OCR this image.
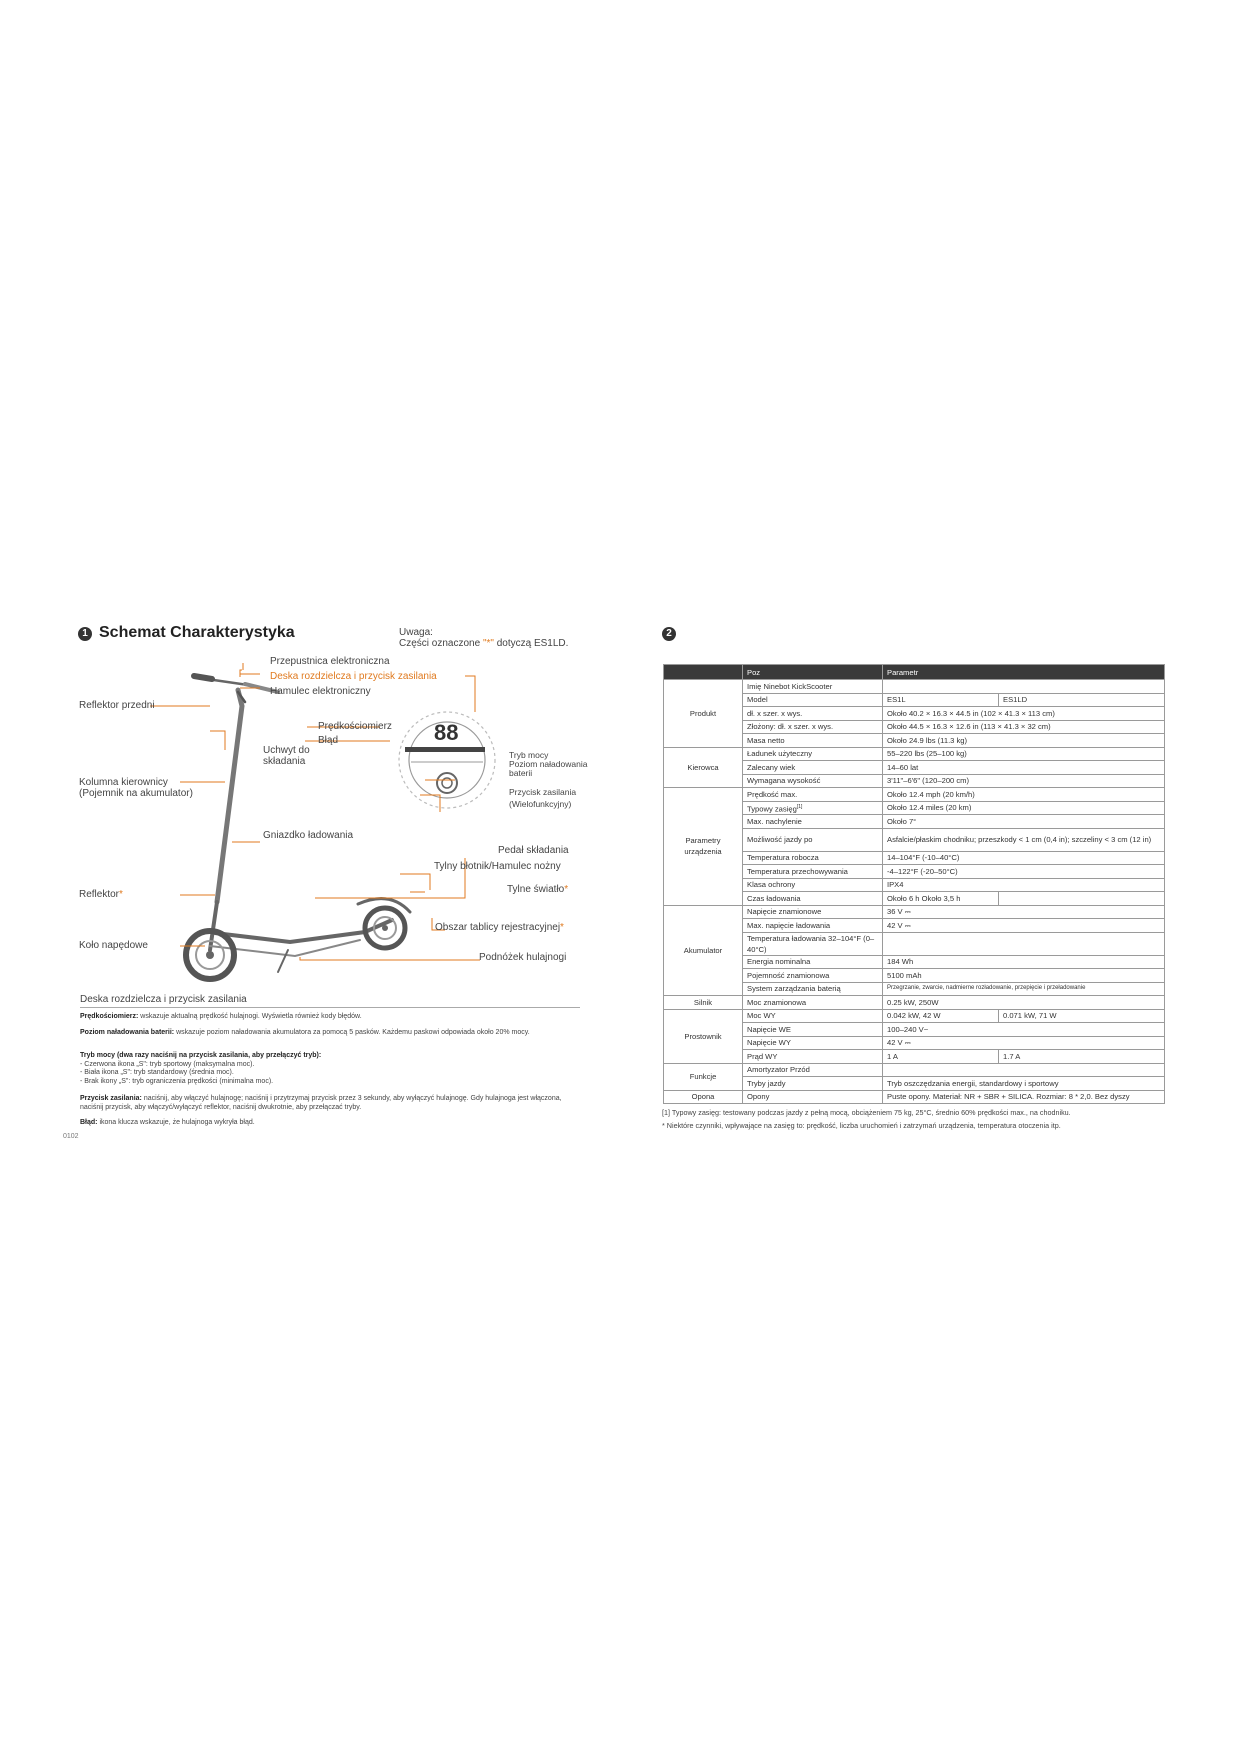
1 Schemat Charakterystyka	Uwaga:
Części oznaczone "*" dotyczą ES1LD.
88
Przepustnica elektroniczna
Deska rozdzielcza i przycisk zasilania
Hamulec elektroniczny
Reflektor przedni
Prędkościomierz
Błąd
Uchwyt do
składania
Tryb mocy
Poziom naładowania
baterii
Przycisk zasilania
(Wielofunkcyjny)
Kolumna kierownicy
(Pojemnik na akumulator)
Gniazdko ładowania
Pedał składania
Tylny błotnik/Hamulec nożny
Reflektor*	Tylne światło*
Obszar tablicy rejestracyjnej*
Koło napędowe
Podnóżek hulajnogi
Deska rozdzielcza i przycisk zasilania
Prędkościomierz: wskazuje aktualną prędkość hulajnogi. Wyświetla również kody błędów.
Poziom naładowania baterii: wskazuje poziom naładowania akumulatora za pomocą 5 pasków. Każdemu paskowi odpowiada około 20% mocy.
Tryb mocy (dwa razy naciśnij na przycisk zasilania, aby przełączyć tryb):
- Czerwona ikona „S": tryb sportowy (maksymalna moc).
- Biała ikona „S": tryb standardowy (średnia moc).
- Brak ikony „S": tryb ograniczenia prędkości (minimalna moc).
Przycisk zasilania: naciśnij, aby włączyć hulajnogę; naciśnij i przytrzymaj przycisk przez 3 sekundy, aby wyłączyć hulajnogę. Gdy hulajnoga jest włączona, naciśnij przycisk, aby włączyć/wyłączyć reflektor, naciśnij dwukrotnie, aby przełączać tryby.
Błąd: ikona klucza wskazuje, że hulajnoga wykryła błąd.
0102
2
	Poz	Parametr	
Produkt	Imię Ninebot KickScooter		
	Model	ES1L	ES1LD
	dł. x szer. x wys.	Około 40.2 × 16.3 × 44.5 in (102 × 41.3 × 113 cm)	
	Złożony: dł. x szer. x wys.	Około 44.5 × 16.3 × 12.6 in (113 × 41.3 × 32 cm)	
	Masa netto	Około 24.9 lbs (11.3 kg)	
Kierowca	Ładunek użyteczny	55–220 lbs (25–100 kg)	
	Zalecany wiek	14–60 lat	
	Wymagana wysokość	3'11"–6'6" (120–200 cm)	
Parametry urządzenia	Prędkość max.	Około 12.4 mph (20 km/h)	
	Typowy zasięg[1]	Około 12.4 miles (20 km)	
	Max. nachylenie	Około 7°	
	Możliwość jazdy po	Asfalcie/płaskim chodniku; przeszkody < 1 cm (0,4 in); szczeliny < 3 cm (12 in)	
	Temperatura robocza	14–104°F (-10–40°C)	
	Temperatura przechowywania	-4–122°F (-20–50°C)	
	Klasa ochrony	IPX4	
	Czas ładowania	Około 6 h Około 3,5 h	
Akumulator	Napięcie znamionowe	36 V ⎓	
	Max. napięcie ładowania	42 V ⎓	
	Temperatura ładowania 32–104°F (0–40°C)		
	Energia nominalna	184 Wh	
	Pojemność znamionowa	5100 mAh	
	System zarządzania baterią	Przegrzanie, zwarcie, nadmierne rozładowanie, przepięcie i przeładowanie	
Silnik	Moc znamionowa	0.25 kW, 250W	
Prostownik	Moc WY	0.042 kW, 42 W	0.071 kW, 71 W
	Napięcie WE	100–240 V~	
	Napięcie WY	42 V ⎓	
	Prąd WY	1 A	1.7 A
Funkcje	Amortyzator Przód		
	Tryby jazdy	Tryb oszczędzania energii, standardowy i sportowy	
Opona	Opony	Puste opony. Materiał: NR + SBR + SILICA. Rozmiar: 8 * 2,0. Bez dyszy	
[1] Typowy zasięg: testowany podczas jazdy z pełną mocą, obciążeniem 75 kg, 25°C, średnio 60% prędkości max., na chodniku.
* Niektóre czynniki, wpływające na zasięg to: prędkość, liczba uruchomień i zatrzymań urządzenia, temperatura otoczenia itp.
